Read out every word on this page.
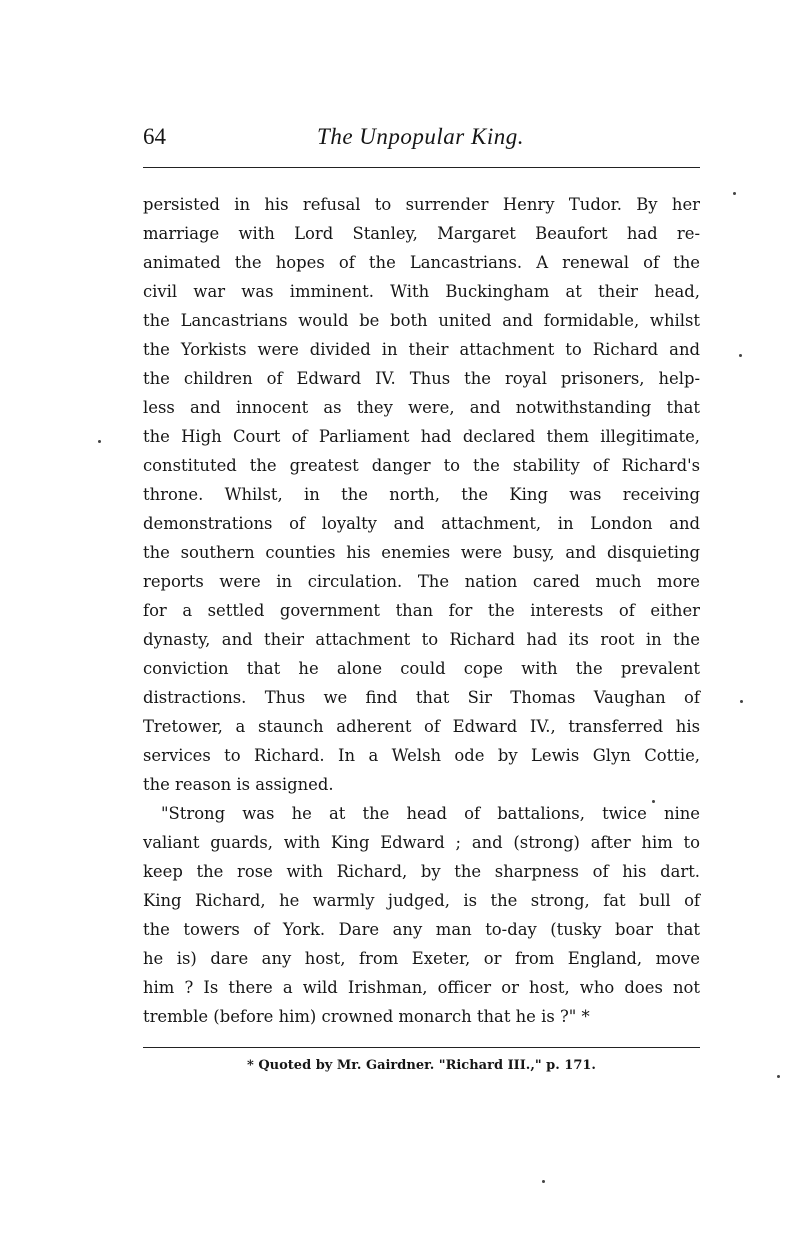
64	The Unpopular King.
persisted in his refusal to surrender Henry Tudor. By her
marriage with Lord Stanley, Margaret Beaufort had re-
animated the hopes of the Lancastrians. A renewal of the
civil war was imminent. With Buckingham at their head,
the Lancastrians would be both united and formidable, whilst
the Yorkists were divided in their attachment to Richard and
the children of Edward IV. Thus the royal prisoners, help-
less and innocent as they were, and notwithstanding that
the High Court of Parliament had declared them illegitimate,
constituted the greatest danger to the stability of Richard's
throne. Whilst, in the north, the King was receiving
demonstrations of loyalty and attachment, in London and
the southern counties his enemies were busy, and disquieting
reports were in circulation. The nation cared much more
for a settled government than for the interests of either
dynasty, and their attachment to Richard had its root in the
conviction that he alone could cope with the prevalent
distractions. Thus we find that Sir Thomas Vaughan of
Tretower, a staunch adherent of Edward IV., transferred his
services to Richard. In a Welsh ode by Lewis Glyn Cottie,
the reason is assigned.
"Strong was he at the head of battalions, twice nine
valiant guards, with King Edward ; and (strong) after him to
keep the rose with Richard, by the sharpness of his dart.
King Richard, he warmly judged, is the strong, fat bull of
the towers of York. Dare any man to-day (tusky boar that
he is) dare any host, from Exeter, or from England, move
him ? Is there a wild Irishman, officer or host, who does not
tremble (before him) crowned monarch that he is ?" *
* Quoted by Mr. Gairdner. "Richard III.," p. 171.
